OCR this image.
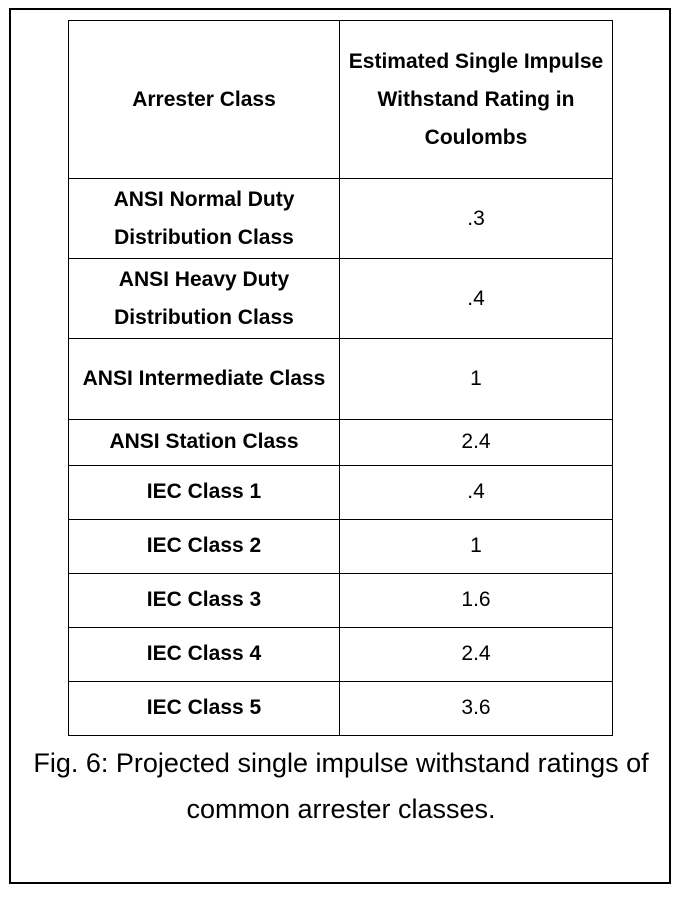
Arrester Class	Estimated Single Impulse Withstand Rating in Coulombs
ANSI Normal Duty Distribution Class	.3
ANSI Heavy Duty Distribution Class	.4
ANSI Intermediate Class	1
ANSI Station Class	2.4
IEC Class 1	.4
IEC Class 2	1
IEC Class 3	1.6
IEC Class 4	2.4
IEC Class 5	3.6

Fig. 6: Projected single impulse withstand ratings of common arrester classes.
